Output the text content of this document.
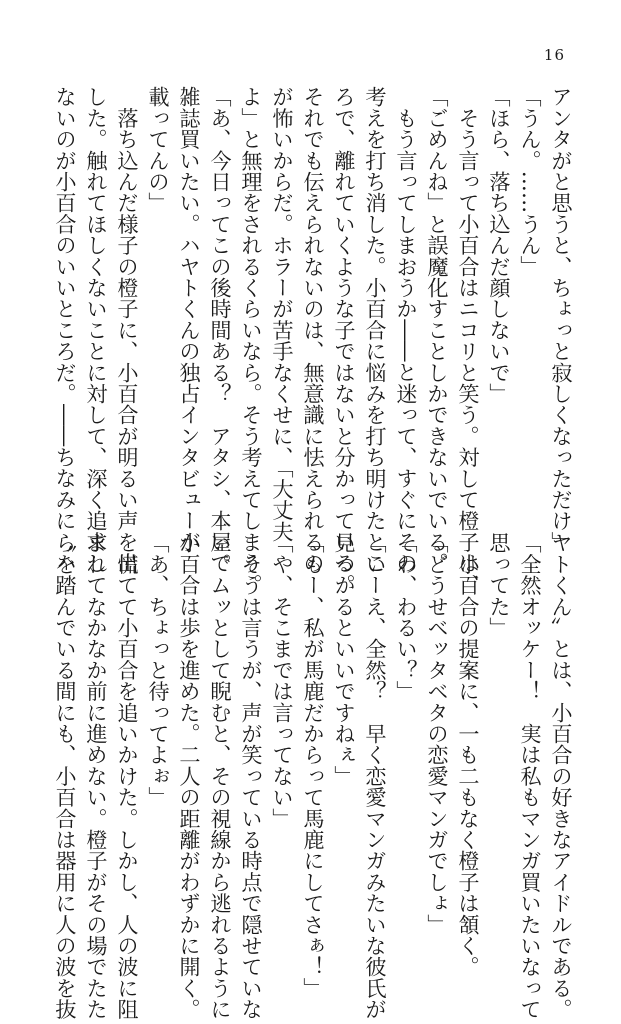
16
アンタがと思うと、ちょっと寂しくなっただけ」
「うん。……うん」
「ほら、落ち込んだ顔しないで」
　そう言って小百合はニコリと笑う。対して橙子は、
「ごめんね」と誤魔化すことしかできないでいる。
　もう言ってしまおうか――と迷って、すぐにその
考えを打ち消した。小百合に悩みを打ち明けたとこ
ろで、離れていくような子ではないと分かっている。
それでも伝えられないのは、無意識に怯えられるの
が怖いからだ。ホラーが苦手なくせに、「大丈夫
よ」と無理をされるくらいなら。そう考えてしまう。
「あ、今日ってこの後時間ある？　アタシ、本屋で
雑誌買いたい。ハヤトくんの独占インタビューが
載ってんの」
　落ち込んだ様子の橙子に、小百合が明るい声を出
した。触れてほしくないことに対して、深く追求し
ないのが小百合のいいところだ。――ちなみに〝ハ
ヤトくん〟とは、小百合の好きなアイドルである。
「全然オッケー！　実は私もマンガ買いたいなって
思ってた」
　小百合の提案に、一も二もなく橙子は頷く。
「どうせベッタベタの恋愛マンガでしょ」
「わ、わるい？」
「いーえ、全然？　早く恋愛マンガみたいな彼氏が
見つかるといいですねぇ」
「もー、私が馬鹿だからって馬鹿にしてさぁ！」
「や、そこまでは言ってない」
　そうは言うが、声が笑っている時点で隠せていな
い。ムッとして睨むと、その視線から逃れるように
小百合は歩を進めた。二人の距離がわずかに開く。
「あ、ちょっと待ってよぉ」
　慌てて小百合を追いかけた。しかし、人の波に阻
まれてなかなか前に進めない。橙子がその場でたた
らを踏んでいる間にも、小百合は器用に人の波を抜
